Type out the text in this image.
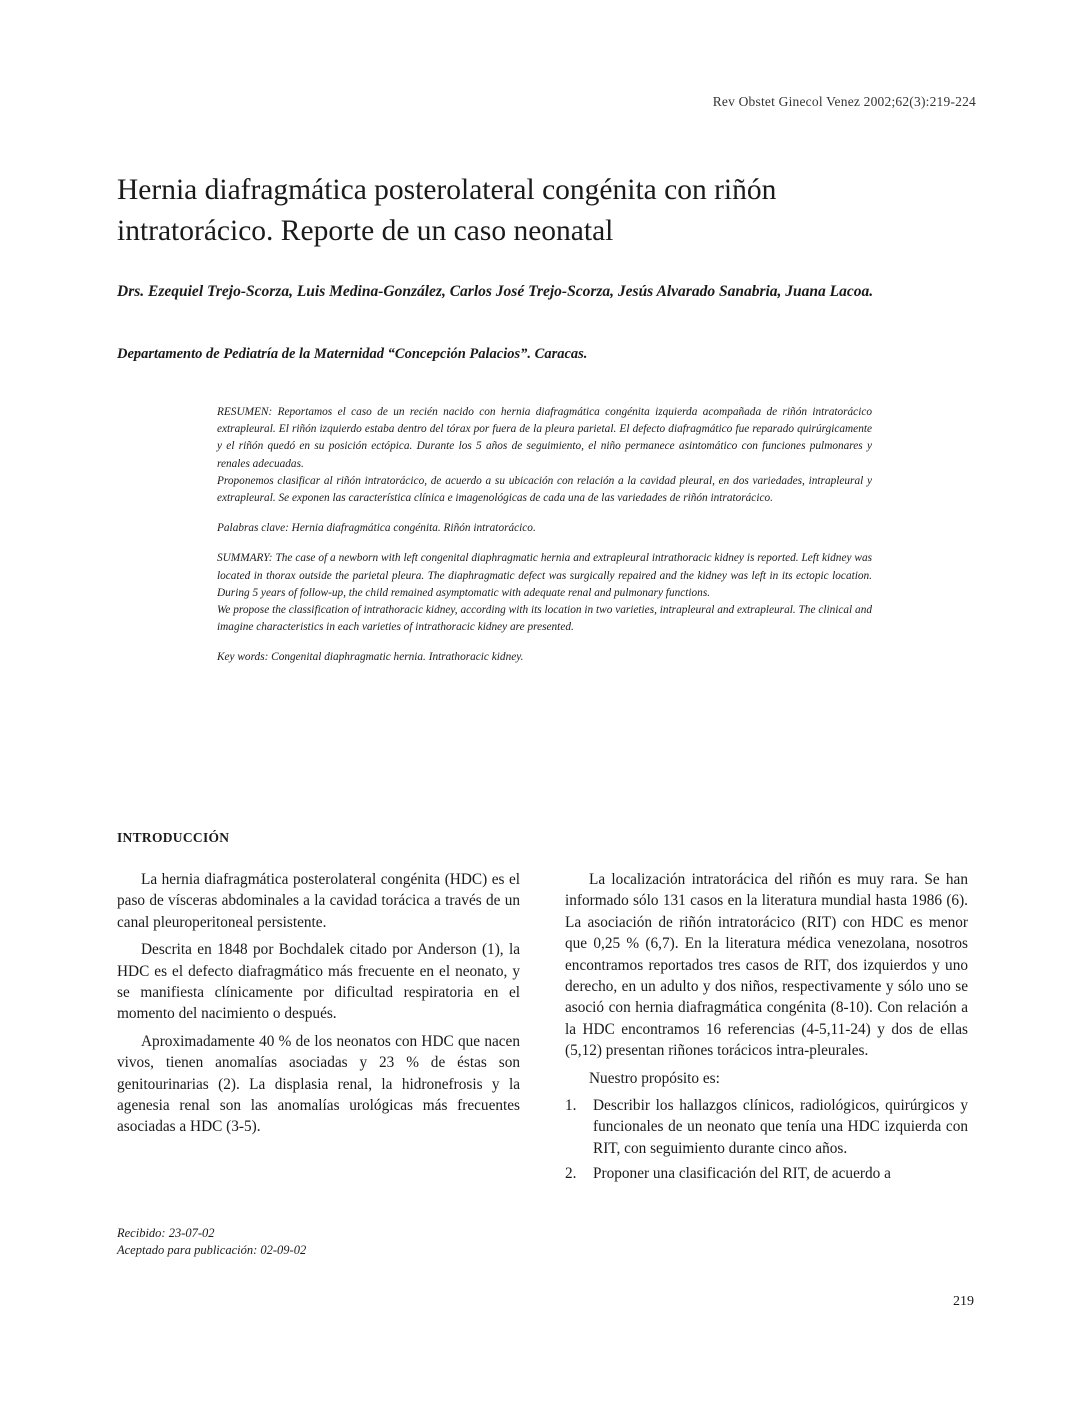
Rev Obstet Ginecol Venez 2002;62(3):219-224
Hernia diafragmática posterolateral congénita con riñón
intratorácico. Reporte de un caso neonatal
Drs. Ezequiel Trejo-Scorza, Luis Medina-González, Carlos José Trejo-Scorza, Jesús Alvarado Sanabria, Juana Lacoa.
Departamento de Pediatría de la Maternidad “Concepción Palacios”. Caracas.

RESUMEN: Reportamos el caso de un recién nacido con hernia diafragmática congénita izquierda acompañada de riñón intratorácico extrapleural. El riñón izquierdo estaba dentro del tórax por fuera de la pleura parietal. El defecto diafragmático fue reparado quirúrgicamente y el riñón quedó en su posición ectópica. Durante los 5 años de seguimiento, el niño permanece asintomático con funciones pulmonares y renales adecuadas.

Proponemos clasificar al riñón intratorácico, de acuerdo a su ubicación con relación a la cavidad pleural, en dos variedades, intrapleural y extrapleural. Se exponen las característica clínica e imagenológicas de cada una de las variedades de riñón intratorácico.

Palabras clave: Hernia diafragmática congénita. Riñón intratorácico.

SUMMARY: The case of a newborn with left congenital diaphragmatic hernia and extrapleural intrathoracic kidney is reported. Left kidney was located in thorax outside the parietal pleura. The diaphragmatic defect was surgically repaired and the kidney was left in its ectopic location. During 5 years of follow-up, the child remained asymptomatic with adequate renal and pulmonary functions.

We propose the classification of intrathoracic kidney, according with its location in two varieties, intrapleural and extrapleural. The clinical and imagine characteristics in each varieties of intrathoracic kidney are presented.

Key words: Congenital diaphragmatic hernia. Intrathoracic kidney.

INTRODUCCIÓN

La hernia diafragmática posterolateral congénita (HDC) es el paso de vísceras abdominales a la cavidad torácica a través de un canal pleuroperitoneal persistente.

Descrita en 1848 por Bochdalek citado por Anderson (1), la HDC es el defecto diafragmático más frecuente en el neonato, y se manifiesta clínicamente por dificultad respiratoria en el momento del nacimiento o después.

Aproximadamente 40 % de los neonatos con HDC que nacen vivos, tienen anomalías asociadas y 23 % de éstas son genitourinarias (2). La displasia renal, la hidronefrosis y la agenesia renal son las anomalías urológicas más frecuentes asociadas a HDC (3-5).

La localización intratorácica del riñón es muy rara. Se han informado sólo 131 casos en la literatura mundial hasta 1986 (6). La asociación de riñón intratorácico (RIT) con HDC es menor que 0,25 % (6,7). En la literatura médica venezolana, nosotros encontramos reportados tres casos de RIT, dos izquierdos y uno derecho, en un adulto y dos niños, respectivamente y sólo uno se asoció con hernia diafragmática congénita (8-10). Con relación a la HDC encontramos 16 referencias (4-5,11-24) y dos de ellas (5,12) presentan riñones torácicos intra-pleurales.

Nuestro propósito es:

1. Describir los hallazgos clínicos, radiológicos, quirúrgicos y funcionales de un neonato que tenía una HDC izquierda con RIT, con seguimiento durante cinco años.
2. Proponer una clasificación del RIT, de acuerdo a
Recibido: 23-07-02
Aceptado para publicación: 02-09-02
219
